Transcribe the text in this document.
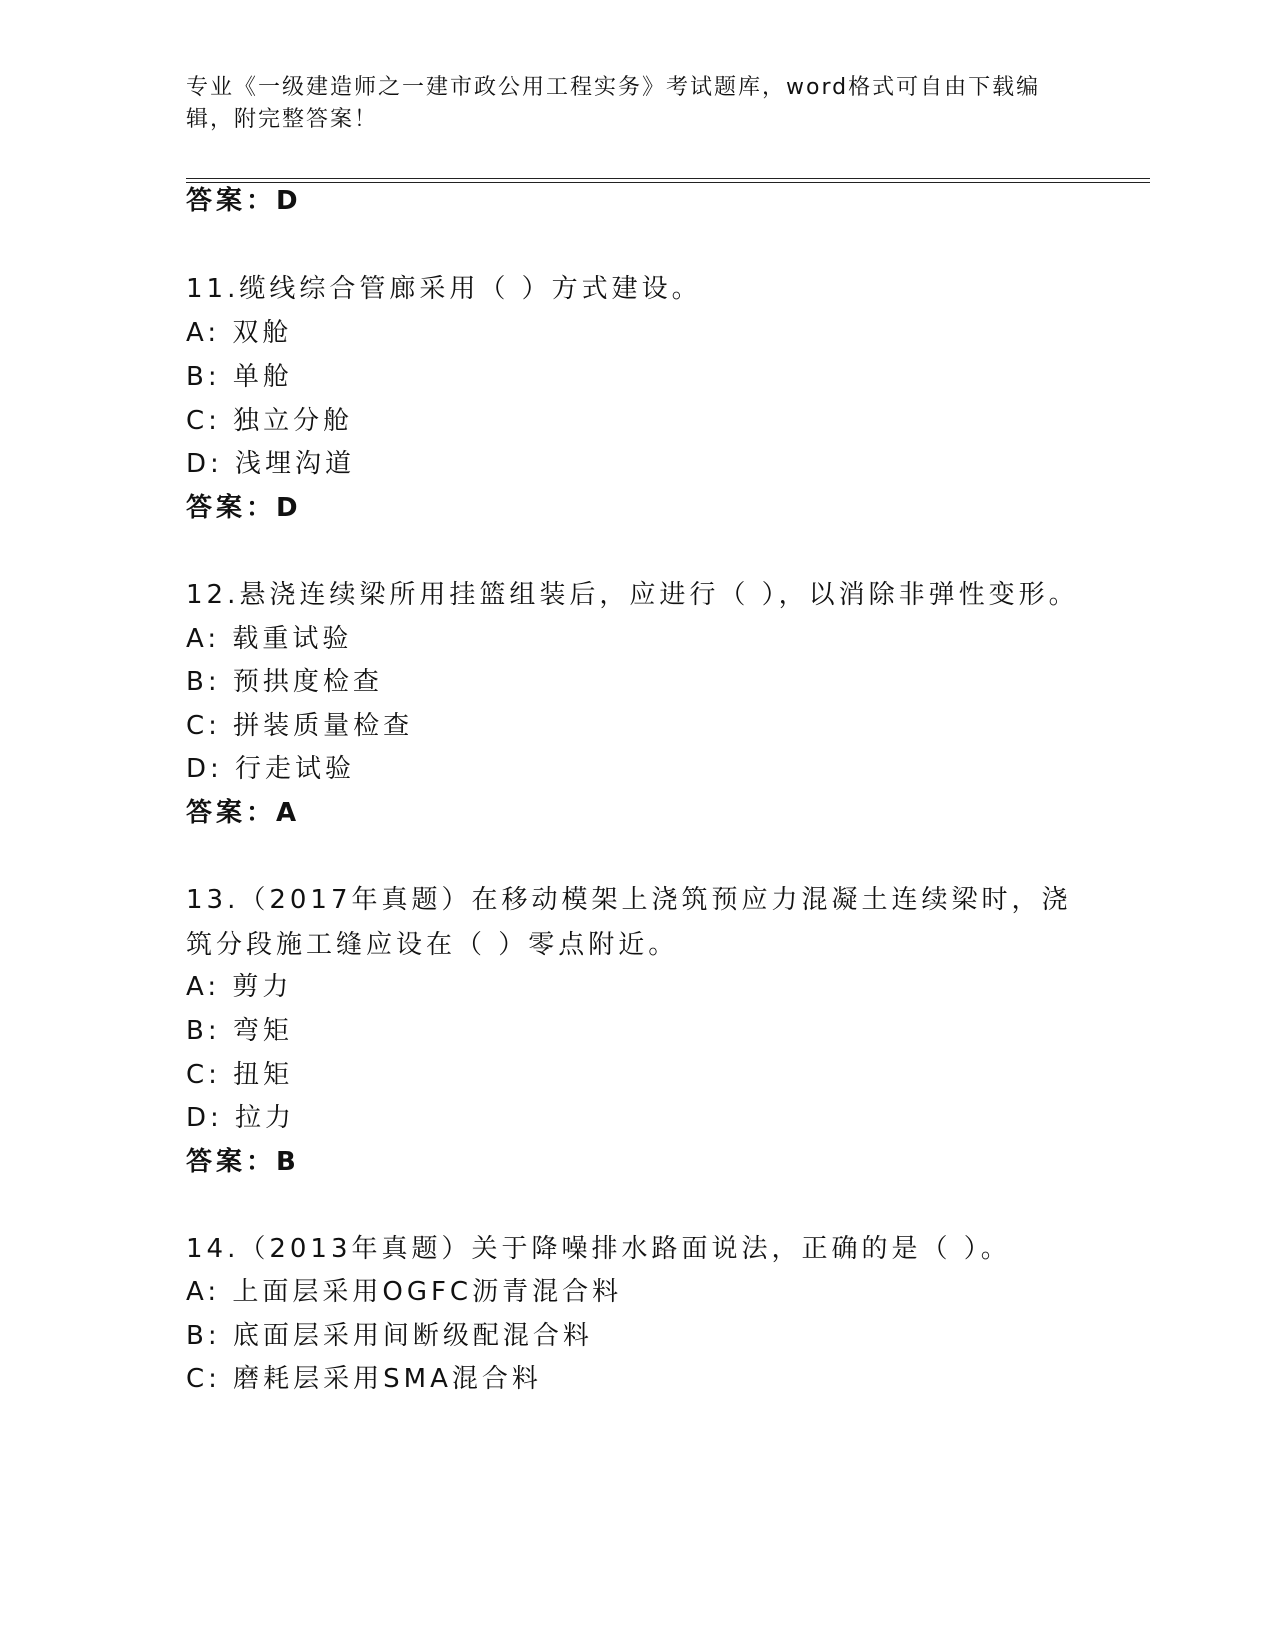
专业《一级建造师之一建市政公用工程实务》考试题库，word格式可自由下载编辑，附完整答案！
答案：D
11.缆线综合管廊采用（ ）方式建设。
A: 双舱
B: 单舱
C: 独立分舱
D: 浅埋沟道
答案：D
12.悬浇连续梁所用挂篮组装后，应进行（ ），以消除非弹性变形。
A: 载重试验
B: 预拱度检查
C: 拼装质量检查
D: 行走试验
答案：A
13.（2017年真题）在移动模架上浇筑预应力混凝土连续梁时，浇筑分段施工缝应设在（ ）零点附近。
A: 剪力
B: 弯矩
C: 扭矩
D: 拉力
答案：B
14.（2013年真题）关于降噪排水路面说法，正确的是（ ）。
A: 上面层采用OGFC沥青混合料
B: 底面层采用间断级配混合料
C: 磨耗层采用SMA混合料
